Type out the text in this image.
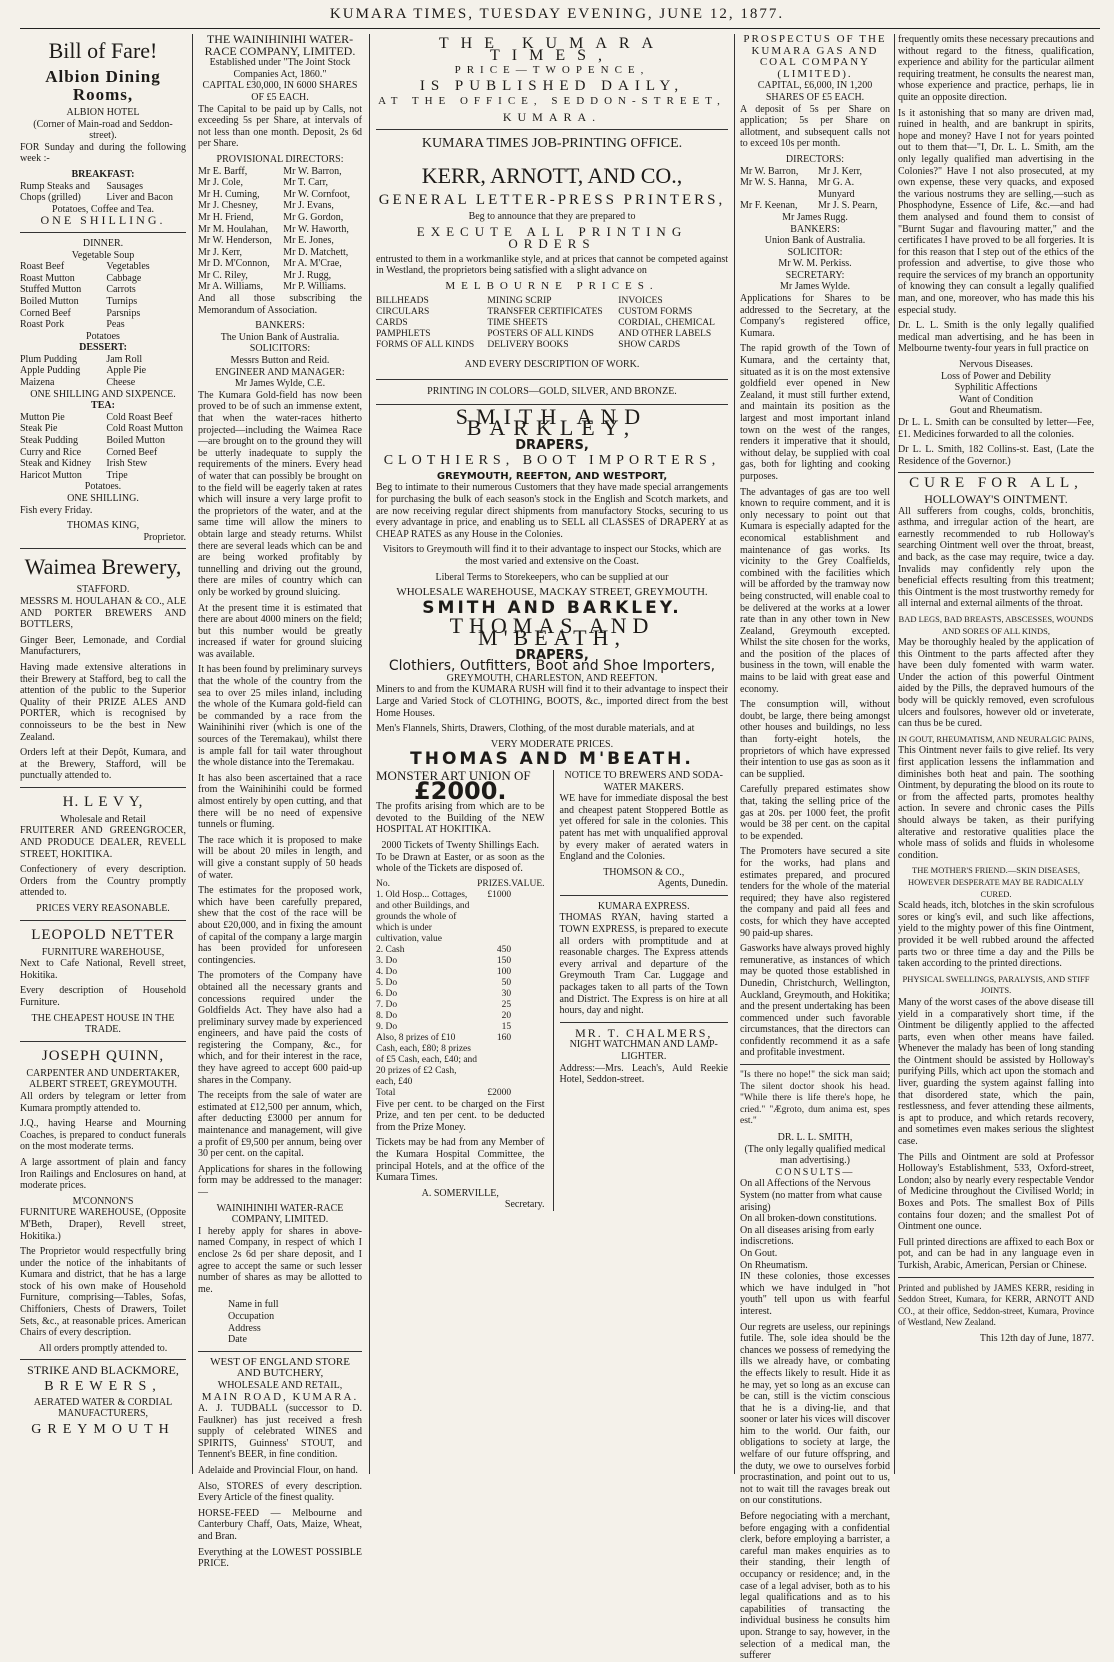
KUMARA TIMES, TUESDAY EVENING, JUNE 12, 1877.
Bill of Fare!
Albion Dining Rooms,
ALBION HOTEL
(Corner of Main-road and Seddon-street).

FOR Sunday and during the following week :-

BREAKFAST:
Rump Steaks and	Sausages
Chops (grilled)	Liver and Bacon
Potatoes, Coffee and Tea.
ONE SHILLING.
DINNER.
Vegetable Soup
Roast Beef	Vegetables
Roast Mutton	Cabbage
Stuffed Mutton	Carrots
Boiled Mutton	Turnips
Corned Beef	Parsnips
Roast Pork	Peas
Potatoes
DESSERT:
Plum Pudding	Jam Roll
Apple Pudding	Apple Pie
Maizena	Cheese
ONE SHILLING AND SIXPENCE.
TEA:
Mutton Pie	Cold Roast Beef
Steak Pie	Cold Roast Mutton
Steak Pudding	Boiled Mutton
Curry and Rice	Corned Beef
Steak and Kidney	Irish Stew
Haricot Mutton	Tripe
Potatoes.
ONE SHILLING.

Fish every Friday.

THOMAS KING,
Proprietor.
Waimea Brewery,
STAFFORD.

MESSRS M. HOULAHAN & CO., ALE AND PORTER BREWERS AND BOTTLERS,

Ginger Beer, Lemonade, and Cordial Manufacturers,

Having made extensive alterations in their Brewery at Stafford, beg to call the attention of the public to the Superior Quality of their PRIZE ALES AND PORTER, which is recognised by connoisseurs to be the best in New Zealand.

Orders left at their Depôt, Kumara, and at the Brewery, Stafford, will be punctually attended to.

H. L E V Y,
Wholesale and Retail

FRUITERER AND GREENGROCER, AND PRODUCE DEALER, REVELL STREET, HOKITIKA.

Confectionery of every description. Orders from the Country promptly attended to.

PRICES VERY REASONABLE.
LEOPOLD NETTER
FURNITURE WAREHOUSE,

Next to Cafe National, Revell street, Hokitika.

Every description of Household Furniture.

THE CHEAPEST HOUSE IN THE TRADE.
JOSEPH QUINN,
CARPENTER AND UNDERTAKER, ALBERT STREET, GREYMOUTH.

All orders by telegram or letter from Kumara promptly attended to.

J.Q., having Hearse and Mourning Coaches, is prepared to conduct funerals on the most moderate terms.

A large assortment of plain and fancy Iron Railings and Enclosures on hand, at moderate prices.

M'CONNON'S

FURNITURE WAREHOUSE, (Opposite M'Beth, Draper), Revell street, Hokitika.)

The Proprietor would respectfully bring under the notice of the inhabitants of Kumara and district, that he has a large stock of his own make of Household Furniture, comprising—Tables, Sofas, Chiffoniers, Chests of Drawers, Toilet Sets, &c., at reasonable prices. American Chairs of every description.

All orders promptly attended to.
STRIKE AND BLACKMORE,
BREWERS,
AERATED WATER & CORDIAL
MANUFACTURERS,
GREYMOUTH
THE WAINIHINIHI WATER-RACE COMPANY, LIMITED.
Established under "The Joint Stock Companies Act, 1860."
CAPITAL £30,000, IN 6000 SHARES OF £5 EACH.

The Capital to be paid up by Calls, not exceeding 5s per Share, at intervals of not less than one month. Deposit, 2s 6d per Share.

PROVISIONAL DIRECTORS:
Mr E. Barff,	Mr W. Barron,
Mr J. Cole,	Mr T. Carr,
Mr H. Cuming,	Mr W. Cornfoot,
Mr J. Chesney,	Mr J. Evans,
Mr H. Friend,	Mr G. Gordon,
Mr M. Houlahan,	Mr W. Haworth,
Mr W. Henderson,	Mr E. Jones,
Mr J. Kerr,	Mr D. Matchett,
Mr D. M'Connon,	Mr A. M'Crae,
Mr C. Riley,	Mr J. Rugg,
Mr A. Williams,	Mr P. Williams.

And all those subscribing the Memorandum of Association.

BANKERS:
The Union Bank of Australia.
SOLICITORS:
Messrs Button and Reid.
ENGINEER AND MANAGER:
Mr James Wylde, C.E.

The Kumara Gold-field has now been proved to be of such an immense extent, that when the water-races hitherto projected—including the Waimea Race—are brought on to the ground they will be utterly inadequate to supply the requirements of the miners. Every head of water that can possibly be brought on to the field will be eagerly taken at rates which will insure a very large profit to the proprietors of the water, and at the same time will allow the miners to obtain large and steady returns. Whilst there are several leads which can be and are being worked profitably by tunnelling and driving out the ground, there are miles of country which can only be worked by ground sluicing.

At the present time it is estimated that there are about 4000 miners on the field; but this number would be greatly increased if water for ground sluicing was available.

It has been found by preliminary surveys that the whole of the country from the sea to over 25 miles inland, including the whole of the Kumara gold-field can be commanded by a race from the Wainihinihi river (which is one of the sources of the Teremakau), whilst there is ample fall for tail water throughout the whole distance into the Teremakau.

It has also been ascertained that a race from the Wainihinihi could be formed almost entirely by open cutting, and that there will be no need of expensive tunnels or fluming.

The race which it is proposed to make will be about 20 miles in length, and will give a constant supply of 50 heads of water.

The estimates for the proposed work, which have been carefully prepared, shew that the cost of the race will be about £20,000, and in fixing the amount of capital of the company a large margin has been provided for unforeseen contingencies.

The promoters of the Company have obtained all the necessary grants and concessions required under the Goldfields Act. They have also had a preliminary survey made by experienced engineers, and have paid the costs of registering the Company, &c., for which, and for their interest in the race, they have agreed to accept 600 paid-up shares in the Company.

The receipts from the sale of water are estimated at £12,500 per annum, which, after deducting £3000 per annum for maintenance and management, will give a profit of £9,500 per annum, being over 30 per cent. on the capital.

Applications for shares in the following form may be addressed to the manager:—

WAINIHINIHI WATER-RACE COMPANY, LIMITED.

I hereby apply for shares in above-named Company, in respect of which I enclose 2s 6d per share deposit, and I agree to accept the same or such lesser number of shares as may be allotted to me.

Name in full
Occupation
Address
Date
WEST OF ENGLAND STORE AND BUTCHERY,
WHOLESALE AND RETAIL,
MAIN ROAD, KUMARA.

A. J. TUDBALL (successor to D. Faulkner) has just received a fresh supply of celebrated WINES and SPIRITS, Guinness' STOUT, and Tennent's BEER, in fine condition.

Adelaide and Provincial Flour, on hand.

Also, STORES of every description. Every Article of the finest quality.

HORSE-FEED — Melbourne and Canterbury Chaff, Oats, Maize, Wheat, and Bran.

Everything at the LOWEST POSSIBLE PRICE.

THE KUMARA TIMES,
PRICE—TWOPENCE,
IS PUBLISHED DAILY,
AT THE OFFICE, SEDDON-STREET,
KUMARA.
KUMARA TIMES JOB-PRINTING OFFICE.
KERR, ARNOTT, AND CO.,
GENERAL LETTER-PRESS PRINTERS,
Beg to announce that they are prepared to
EXECUTE ALL PRINTING ORDERS

entrusted to them in a workmanlike style, and at prices that cannot be competed against in Westland, the proprietors being satisfied with a slight advance on

MELBOURNE PRICES.
BILLHEADS	MINING SCRIP	INVOICES
CIRCULARS	TRANSFER CERTIFICATES	CUSTOM FORMS
CARDS	TIME SHEETS	CORDIAL, CHEMICAL
PAMPHLETS	POSTERS OF ALL KINDS	AND OTHER LABELS
FORMS OF ALL KINDS	DELIVERY BOOKS	SHOW CARDS
AND EVERY DESCRIPTION OF WORK.
PRINTING IN COLORS—GOLD, SILVER, AND BRONZE.
SMITH AND BARKLEY,
DRAPERS,
CLOTHIERS, BOOT IMPORTERS,
GREYMOUTH, REEFTON, AND WESTPORT,

Beg to intimate to their numerous Customers that they have made special arrangements for purchasing the bulk of each season's stock in the English and Scotch markets, and are now receiving regular direct shipments from manufactory Stocks, securing to us every advantage in price, and enabling us to SELL all CLASSES of DRAPERY at as CHEAP RATES as any House in the Colonies.

Visitors to Greymouth will find it to their advantage to inspect our Stocks, which are the most varied and extensive on the Coast.

Liberal Terms to Storekeepers, who can be supplied at our
WHOLESALE WAREHOUSE, MACKAY STREET, GREYMOUTH.
SMITH AND BARKLEY.
THOMAS AND M'BEATH,
DRAPERS,
Clothiers, Outfitters, Boot and Shoe Importers,
GREYMOUTH, CHARLESTON, AND REEFTON.

Miners to and from the KUMARA RUSH will find it to their advantage to inspect their Large and Varied Stock of CLOTHING, BOOTS, &c., imported direct from the best Home Houses.

Men's Flannels, Shirts, Drawers, Clothing, of the most durable materials, and at

VERY MODERATE PRICES.
THOMAS AND M'BEATH.
MONSTER ART UNION OF
£2000.

The profits arising from which are to be devoted to the Building of the NEW HOSPITAL AT HOKITIKA.

2000 Tickets of Twenty Shillings Each.

To be Drawn at Easter, or as soon as the whole of the Tickets are disposed of.

No.	PRIZES.	VALUE.
1. Old Hosp... Cottages, and other Buildings, and grounds the whole of which is under cultivation, value	£1000	
2. Cash	450	
3. Do	150	
4. Do	100	
5. Do	50	
6. Do	30	
7. Do	25	
8. Do	20	
9. Do	15	
Also, 8 prizes of £10 Cash, each, £80; 8 prizes of £5 Cash, each, £40; and 20 prizes of £2 Cash, each, £40	160	
Total	£2000	

Five per cent. to be charged on the First Prize, and ten per cent. to be deducted from the Prize Money.

Tickets may be had from any Member of the Kumara Hospital Committee, the principal Hotels, and at the office of the Kumara Times.

A. SOMERVILLE,
Secretary.
NOTICE TO BREWERS AND SODA-WATER MAKERS.

WE have for immediate disposal the best and cheapest patent Stoppered Bottle as yet offered for sale in the colonies. This patent has met with unqualified approval by every maker of aerated waters in England and the Colonies.

THOMSON & CO.,
Agents, Dunedin.
KUMARA EXPRESS.

THOMAS RYAN, having started a TOWN EXPRESS, is prepared to execute all orders with promptitude and at reasonable charges. The Express attends every arrival and departure of the Greymouth Tram Car. Luggage and packages taken to all parts of the Town and District. The Express is on hire at all hours, day and night.

MR. T. CHALMERS,
NIGHT WATCHMAN AND LAMP-LIGHTER.

Address:—Mrs. Leach's, Auld Reekie Hotel, Seddon-street.

PROSPECTUS OF THE KUMARA GAS AND COAL COMPANY (LIMITED).
CAPITAL, £6,000, IN 1,200 SHARES OF £5 EACH.

A deposit of 5s per Share on application; 5s per Share on allotment, and subsequent calls not to exceed 10s per month.

DIRECTORS:
Mr W. Barron,	Mr J. Kerr,
Mr W. S. Hanna,	Mr G. A. Munyard
Mr F. Keenan,	Mr J. S. Pearn,
Mr James Rugg.
BANKERS:
Union Bank of Australia.
SOLICITOR:
Mr W. M. Perkiss.
SECRETARY:
Mr James Wylde.

Applications for Shares to be addressed to the Secretary, at the Company's registered office, Kumara.

The rapid growth of the Town of Kumara, and the certainty that, situated as it is on the most extensive goldfield ever opened in New Zealand, it must still further extend, and maintain its position as the largest and most important inland town on the west of the ranges, renders it imperative that it should, without delay, be supplied with coal gas, both for lighting and cooking purposes.

The advantages of gas are too well known to require comment, and it is only necessary to point out that Kumara is especially adapted for the economical establishment and maintenance of gas works. Its vicinity to the Grey Coalfields, combined with the facilities which will be afforded by the tramway now being constructed, will enable coal to be delivered at the works at a lower rate than in any other town in New Zealand, Greymouth excepted. Whilst the site chosen for the works, and the position of the places of business in the town, will enable the mains to be laid with great ease and economy.

The consumption will, without doubt, be large, there being amongst other houses and buildings, no less than forty-eight hotels, the proprietors of which have expressed their intention to use gas as soon as it can be supplied.

Carefully prepared estimates show that, taking the selling price of the gas at 20s. per 1000 feet, the profit would be 38 per cent. on the capital to be expended.

The Promoters have secured a site for the works, had plans and estimates prepared, and procured tenders for the whole of the material required; they have also registered the company and paid all fees and costs, for which they have accepted 90 paid-up shares.

Gasworks have always proved highly remunerative, as instances of which may be quoted those established in Dunedin, Christchurch, Wellington, Auckland, Greymouth, and Hokitika; and the present undertaking has been commenced under such favorable circumstances, that the directors can confidently recommend it as a safe and profitable investment.

"Is there no hope!" the sick man said; The silent doctor shook his head. "While there is life there's hope, he cried." "Ægroto, dum anima est, spes est."

DR. L. L. SMITH,
(The only legally qualified medical man advertising.)
CONSULTS—
On all Affections of the Nervous System (no matter from what cause arising)
On all broken-down constitutions.
On all diseases arising from early indiscretions.
On Gout.
On Rheumatism.

IN these colonies, those excesses which we have indulged in "hot youth" tell upon us with fearful interest.

Our regrets are useless, our repinings futile. The, sole idea should be the chances we possess of remedying the ills we already have, or combating the effects likely to result. Hide it as he may, yet so long as an excuse can be can, still is the victim conscious that he is a diving-lie, and that sooner or later his vices will discover him to the world. Our faith, our obligations to society at large, the welfare of our future offspring, and the duty, we owe to ourselves forbid procrastination, and point out to us, not to wait till the ravages break out on our constitutions.

Before negociating with a merchant, before engaging with a confidential clerk, before employing a barrister, a careful man makes enquiries as to their standing, their length of occupancy or residence; and, in the case of a legal adviser, both as to his legal qualifications and as to his capabilities of transacting the individual business he consults him upon. Strange to say, however, in the selection of a medical man, the sufferer

frequently omits these necessary precautions and without regard to the fitness, qualification, experience and ability for the particular ailment requiring treatment, he consults the nearest man, whose experience and practice, perhaps, lie in quite an opposite direction.

Is it astonishing that so many are driven mad, ruined in health, and are bankrupt in spirits, hope and money? Have I not for years pointed out to them that—"I, Dr. L. L. Smith, am the only legally qualified man advertising in the Colonies?" Have I not also prosecuted, at my own expense, these very quacks, and exposed the various nostrums they are selling,—such as Phosphodyne, Essence of Life, &c.—and had them analysed and found them to consist of "Burnt Sugar and flavouring matter," and the certificates I have proved to be all forgeries. It is for this reason that I step out of the ethics of the profession and advertise, to give those who require the services of my branch an opportunity of knowing they can consult a legally qualified man, and one, moreover, who has made this his especial study.

Dr. L. L. Smith is the only legally qualified medical man advertising, and he has been in Melbourne twenty-four years in full practice on

Nervous Diseases.
Loss of Power and Debility
Syphilitic Affections
Want of Condition
Gout and Rheumatism.

Dr L. L. Smith can be consulted by letter—Fee, £1. Medicines forwarded to all the colonies.

Dr L. L. Smith, 182 Collins-st. East, (Late the Residence of the Governor.)

CURE FOR ALL,
HOLLOWAY'S OINTMENT.

All sufferers from coughs, colds, bronchitis, asthma, and irregular action of the heart, are earnestly recommended to rub Holloway's searching Ointment well over the throat, breast, and back, as the case may require, twice a day. Invalids may confidently rely upon the beneficial effects resulting from this treatment; this Ointment is the most trustworthy remedy for all internal and external ailments of the throat.

BAD LEGS, BAD BREASTS, ABSCESSES, WOUNDS AND SORES OF ALL KINDS,

May be thoroughly healed by the application of this Ointment to the parts affected after they have been duly fomented with warm water. Under the action of this powerful Ointment aided by the Pills, the depraved humours of the body will be quickly removed, even scrofulous ulcers and foulsores, however old or inveterate, can thus be be cured.

IN GOUT, RHEUMATISM, AND NEURALGIC PAINS,

This Ointment never fails to give relief. Its very first application lessens the inflammation and diminishes both heat and pain. The soothing Ointment, by depurating the blood on its route to or from the affected parts, promotes healthy action. In severe and chronic cases the Pills should always be taken, as their purifying alterative and restorative qualities place the whole mass of solids and fluids in wholesome condition.

THE MOTHER'S FRIEND.—SKIN DISEASES, HOWEVER DESPERATE MAY BE RADICALLY CURED.

Scald heads, itch, blotches in the skin scrofulous sores or king's evil, and such like affections, yield to the mighty power of this fine Ointment, provided it be well rubbed around the affected parts two or three time a day and the Pills be taken according to the printed directions.

PHYSICAL SWELLINGS, PARALYSIS, AND STIFF JOINTS.

Many of the worst cases of the above disease till yield in a comparatively short time, if the Ointment be diligently applied to the affected parts, even when other means have failed. Whenever the malady has been of long standing the Ointment should be assisted by Holloway's purifying Pills, which act upon the stomach and liver, guarding the system against falling into that disordered state, which the pain, restlessness, and fever attending these ailments, is apt to produce, and which retards recovery, and sometimes even makes serious the slightest case.

The Pills and Ointment are sold at Professor Holloway's Establishment, 533, Oxford-street, London; also by nearly every respectable Vendor of Medicine throughout the Civilised World; in Boxes and Pots. The smallest Box of Pills contains four dozen; and the smallest Pot of Ointment one ounce.

Full printed directions are affixed to each Box or pot, and can be had in any language even in Turkish, Arabic, American, Persian or Chinese.

Printed and published by JAMES KERR, residing in Seddon Street, Kumara, for KERR, ARNOTT AND CO., at their office, Seddon-street, Kumara, Province of Westland, New Zealand.

This 12th day of June, 1877.
